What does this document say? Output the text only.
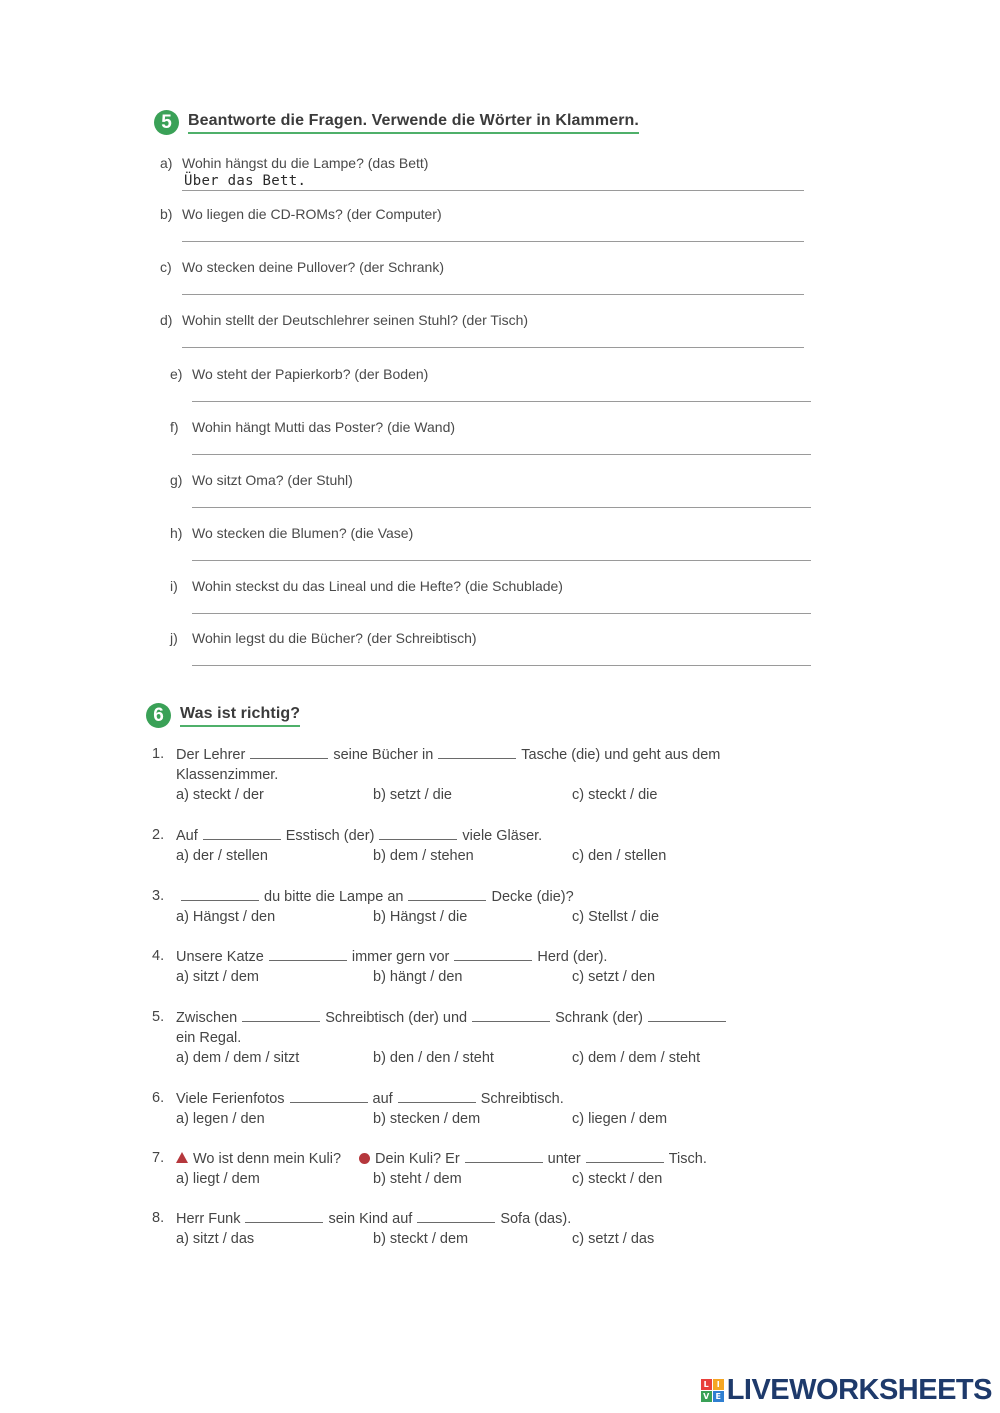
5	Beantworte die Fragen. Verwende die Wörter in Klammern.
a) Wohin hängst du die Lampe? (das Bett)
Über das Bett.
b) Wo liegen die CD-ROMs? (der Computer)
c) Wo stecken deine Pullover? (der Schrank)
d) Wohin stellt der Deutschlehrer seinen Stuhl? (der Tisch)
e) Wo steht der Papierkorb? (der Boden)
f) Wohin hängt Mutti das Poster? (die Wand)
g) Wo sitzt Oma? (der Stuhl)
h) Wo stecken die Blumen? (die Vase)
i) Wohin steckst du das Lineal und die Hefte? (die Schublade)
j) Wohin legst du die Bücher? (der Schreibtisch)
6	Was ist richtig?
1. Der Lehrer	seine Bücher in	Tasche (die) und geht aus dem
Klassenzimmer.
a) steckt / der	b) setzt / die	c) steckt / die
2. Auf	Esstisch (der)	viele Gläser.
a) der / stellen	b) dem / stehen	c) den / stellen
3.	du bitte die Lampe an	Decke (die)?
a) Hängst / den	b) Hängst / die	c) Stellst / die
4. Unsere Katze	immer gern vor	Herd (der).
a) sitzt / dem	b) hängt / den	c) setzt / den
5. Zwischen	Schreibtisch (der) und	Schrank (der)
ein Regal.
a) dem / dem / sitzt	b) den / den / steht	c) dem / dem / steht
6. Viele Ferienfotos	auf	Schreibtisch.
a) legen / den	b) stecken / dem	c) liegen / dem
7.	Wo ist denn mein Kuli? Dein Kuli? Er	unter	Tisch.
a) liegt / dem	b) steht / dem	c) steckt / den
8. Herr Funk	sein Kind auf	Sofa (das).
a) sitzt / das	b) steckt / dem	c) setzt / das
L I
V E LIVEWORKSHEETS
